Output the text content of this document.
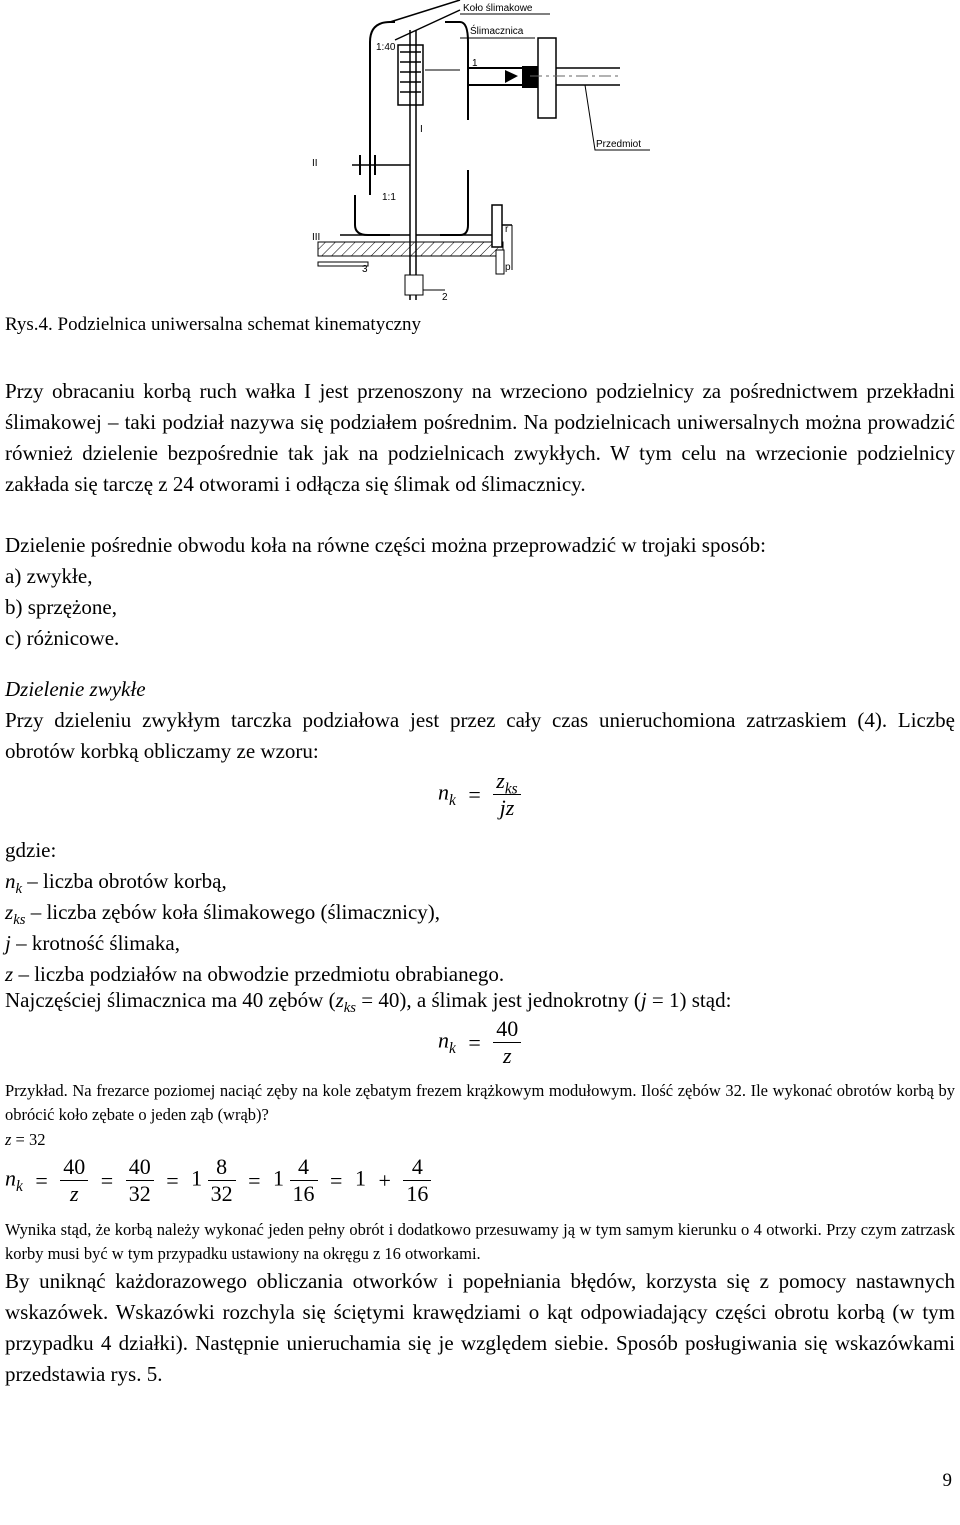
Koło ślimakowe
Ślimacznica
1:40
1:1
1
I
II
III
Przedmiot
r
p
3
2
Rys.4. Podzielnica uniwersalna schemat kinematyczny

Przy obracaniu korbą ruch wałka I jest przenoszony na wrzeciono podzielnicy za pośrednictwem przekładni ślimakowej – taki podział nazywa się podziałem pośrednim. Na podzielnicach uniwersalnych można prowadzić również dzielenie bezpośrednie tak jak na podzielnicach zwykłych. W tym celu na wrzecionie podzielnicy zakłada się tarczę z 24 otworami i odłącza się ślimak od ślimacznicy.

Dzielenie pośrednie obwodu koła na równe części można przeprowadzić w trojaki sposób:
a) zwykłe,
b) sprzężone,
c) różnicowe.

Dzielenie zwykłe

Przy dzieleniu zwykłym tarczka podziałowa jest przez cały czas unieruchomiona zatrzaskiem (4). Liczbę obrotów korbką obliczamy ze wzoru:

$n_k = \frac{z_{ks}}{jz}$
gdzie:
$n_k$ – liczba obrotów korbą,
$z_{ks}$ – liczba zębów koła ślimakowego (ślimacznicy),
j – krotność ślimaka,
z – liczba podziałów na obwodzie przedmiotu obrabianego.

Najczęściej ślimacznica ma 40 zębów $(z_{ks} = 40)$, a ślimak jest jednokrotny (j = 1) stąd:

$n_k = \frac{40}{z}$

Przykład. Na frezarce poziomej naciąć zęby na kole zębatym frezem krążkowym modułowym. Ilość zębów 32. Ile wykonać obrotów korbą by obrócić koło zębate o jeden ząb (wrąb)?

z = 32

$n_k = \frac{40}{z} = \frac{40}{32} = 1 \frac{8}{32} = 1 \frac{4}{16} = 1 + \frac{4}{16}$

Wynika stąd, że korbą należy wykonać jeden pełny obrót i dodatkowo przesuwamy ją w tym samym kierunku o 4 otworki. Przy czym zatrzask korby musi być w tym przypadku ustawiony na okręgu z 16 otworkami.

By uniknąć każdorazowego obliczania otworków i popełniania błędów, korzysta się z pomocy nastawnych wskazówek. Wskazówki rozchyla się ściętymi krawędziami o kąt odpowiadający części obrotu korbą (w tym przypadku 4 działki). Następnie unieruchamia się je względem siebie. Sposób posługiwania się wskazówkami przedstawia rys. 5.

9
